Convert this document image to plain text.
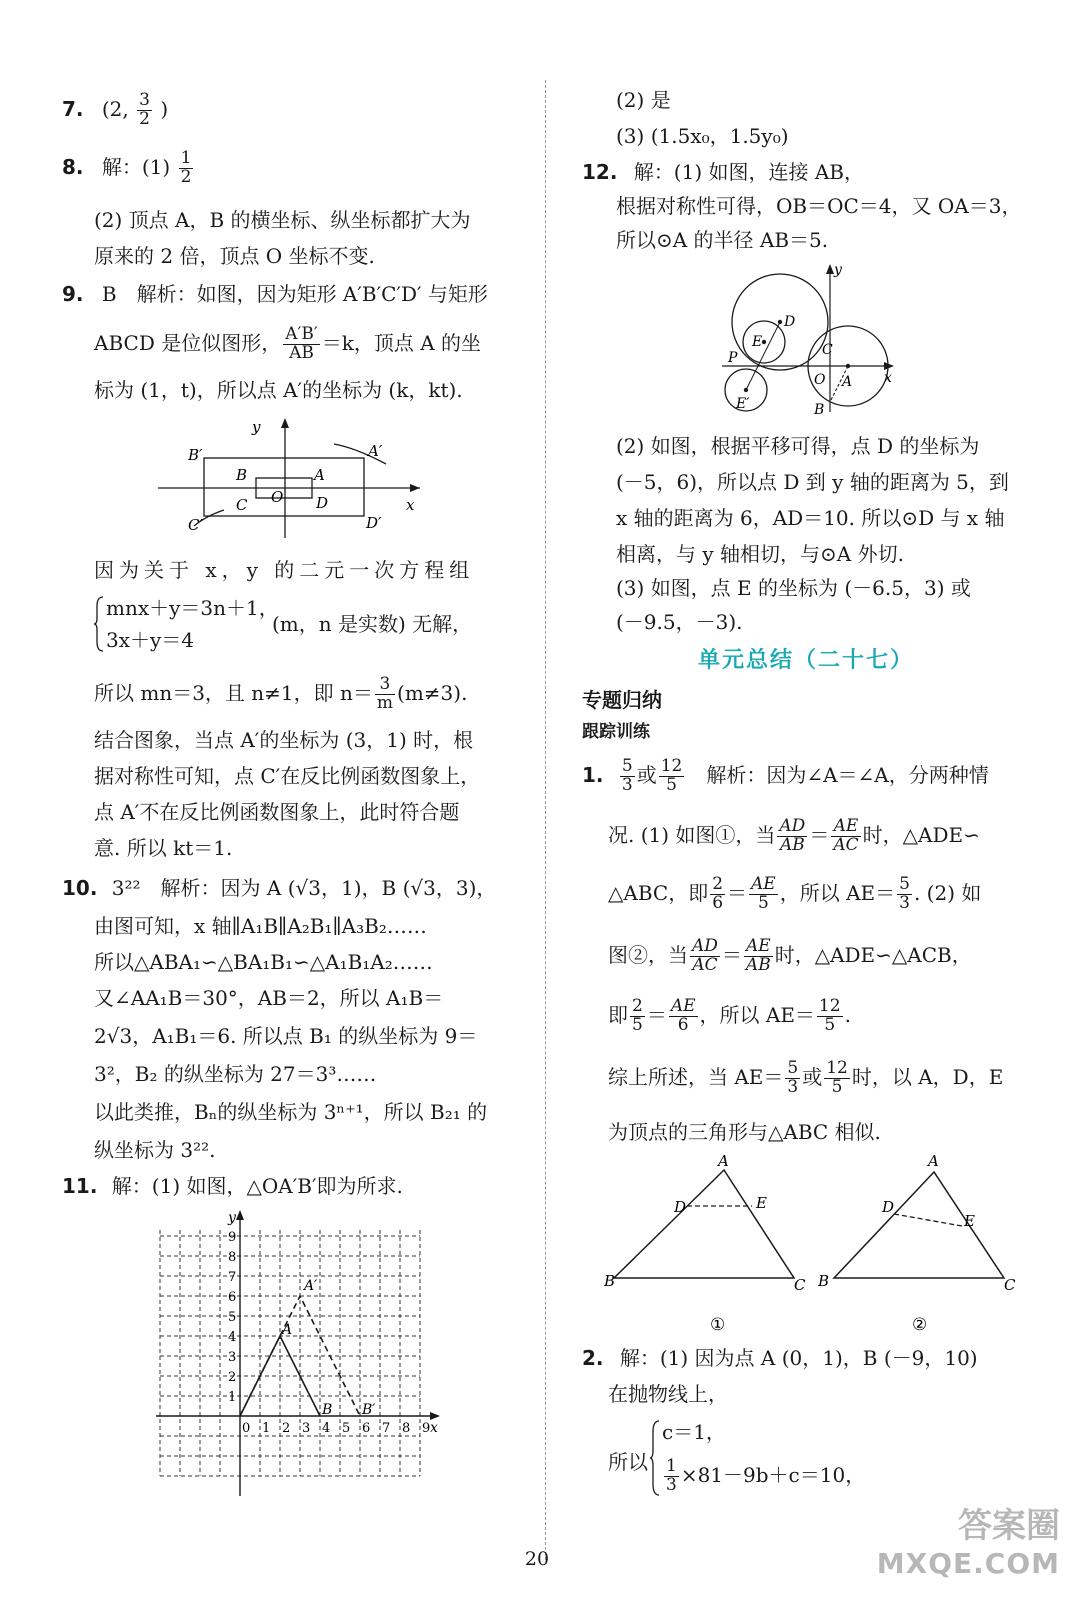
7. (2, $\frac{3}{2}$ )
8. 解：$(1) \frac{1}{2}$
(2) 顶点 A，B 的横坐标、纵坐标都扩大为
原来的 2 倍，顶点 O 坐标不变.
9. B　解析：如图，因为矩形 A′B′C′D′ 与矩形
ABCD 是位似图形， $\frac{A'B'}{AB} =k$，顶点 A 的坐
标为 (1，t)，所以点 A′的坐标为 (k，kt).
y
B′	A′
B	A
O
C	D
C′	D′
x
因为关于 x，y 的二元一次方程组
mnx＋y＝3n＋1，
3x＋y＝4
(m，n 是实数) 无解，
所以 mn＝3，且 n≠1，即 $n= \frac{3}{m} (m\ne 3)$.
结合图象，当点 A′的坐标为 (3，1) 时，根
据对称性可知，点 C′在反比例函数图象上，
点 A′不在反比例函数图象上，此时符合题
意. 所以 kt＝1.
10. 3²²　解析：因为 A (√3，1)，B (√3，3)，
由图可知，x 轴∥A₁B∥A₂B₁∥A₃B₂……
所以△ABA₁∽△BA₁B₁∽△A₁B₁A₂……
又∠AA₁B＝30°，AB＝2，所以 A₁B＝
2√3，A₁B₁＝6. 所以点 B₁ 的纵坐标为 9＝
3²，B₂ 的纵坐标为 27＝3³……
以此类推，Bₙ的纵坐标为 3ⁿ⁺¹，所以 B₂₁ 的
纵坐标为 3²².
11. 解：(1) 如图，△OA′B′即为所求.
0 1 2 3 4 5 6 7 8 9
1
2
3
4
5
6
7
8
9
A
A′
B B′
x
y
(2) 是
(3) (1.5x₀，1.5y₀)
12. 解：(1) 如图，连接 AB，
根据对称性可得，OB＝OC＝4，又 OA＝3，
所以⊙A 的半径 AB＝5.
D
E
P	C
O A
E′	B
x
y
(2) 如图，根据平移可得，点 D 的坐标为
(－5，6)，所以点 D 到 y 轴的距离为 5，到
x 轴的距离为 6，AD＝10. 所以⊙D 与 x 轴
相离，与 y 轴相切，与⊙A 外切.
(3) 如图，点 E 的坐标为 (－6.5，3) 或
(－9.5，－3).
单元总结（二十七）
专题归纳
跟踪训练
1. $\frac{5}{3}$ 或 $\frac{12}{5}$ 　解析：因为∠A＝∠A，分两种情
况. (1) 如图①，当 $\frac{AD}{AB} = \frac{AE}{AC}$ 时，△ADE∽
△ABC，即 $\frac{2}{6} = \frac{AE}{5}$ ，所以 $AE= \frac{5}{3}$ . (2) 如
图②，当 $\frac{AD}{AC} = \frac{AE}{AB}$ 时，△ADE∽△ACB，
即 $\frac{2}{5} = \frac{AE}{6}$ ，所以 $AE= \frac{12}{5}$ .
综上所述，当 $AE= \frac{5}{3}$ 或 $\frac{12}{5}$ 时，以 A，D，E
为顶点的三角形与△ABC 相似.
A
D	E
B	C
①
A
D
E
B	C
②
2. 解：(1) 因为点 A (0，1)，B (－9，10)
在抛物线上，
所以
c＝1，
$\frac{1}{3} \times 81-9b+c=10$，
20
答案圈
MXQE.COM
